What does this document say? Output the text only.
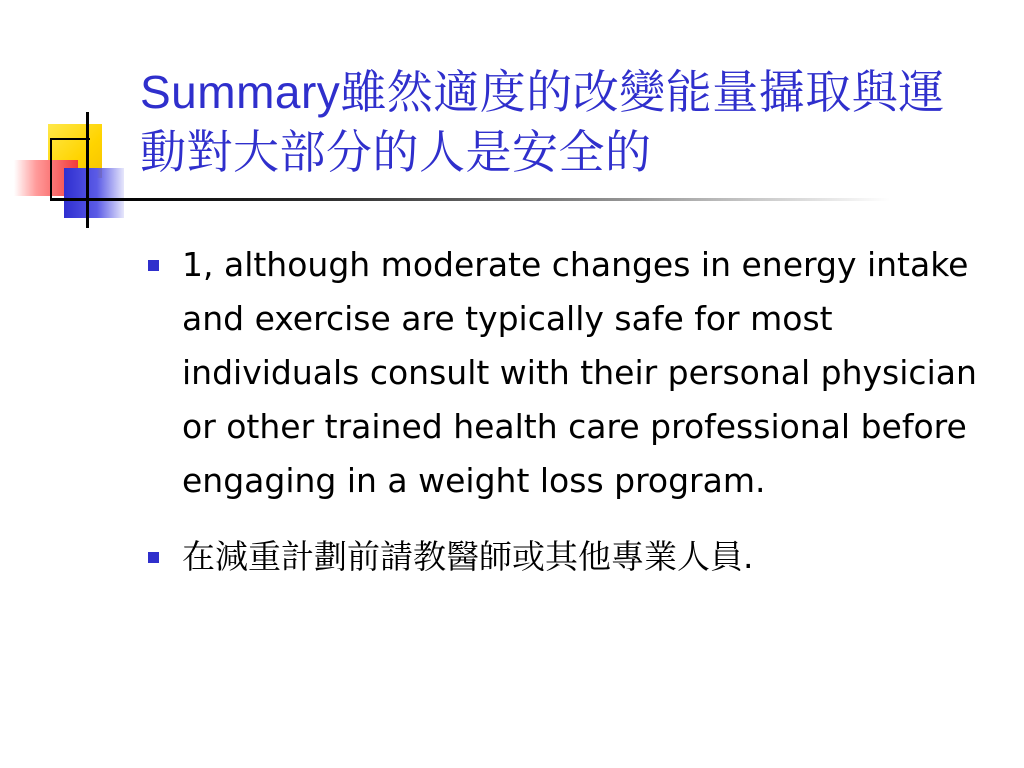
Summary雖然適度的改變能量攝取與運動對大部分的人是安全的
1, although moderate changes in energy intake and exercise are typically safe for most individuals consult with their personal physician or other trained health care professional before engaging in a weight loss program.
在減重計劃前請教醫師或其他專業人員.
